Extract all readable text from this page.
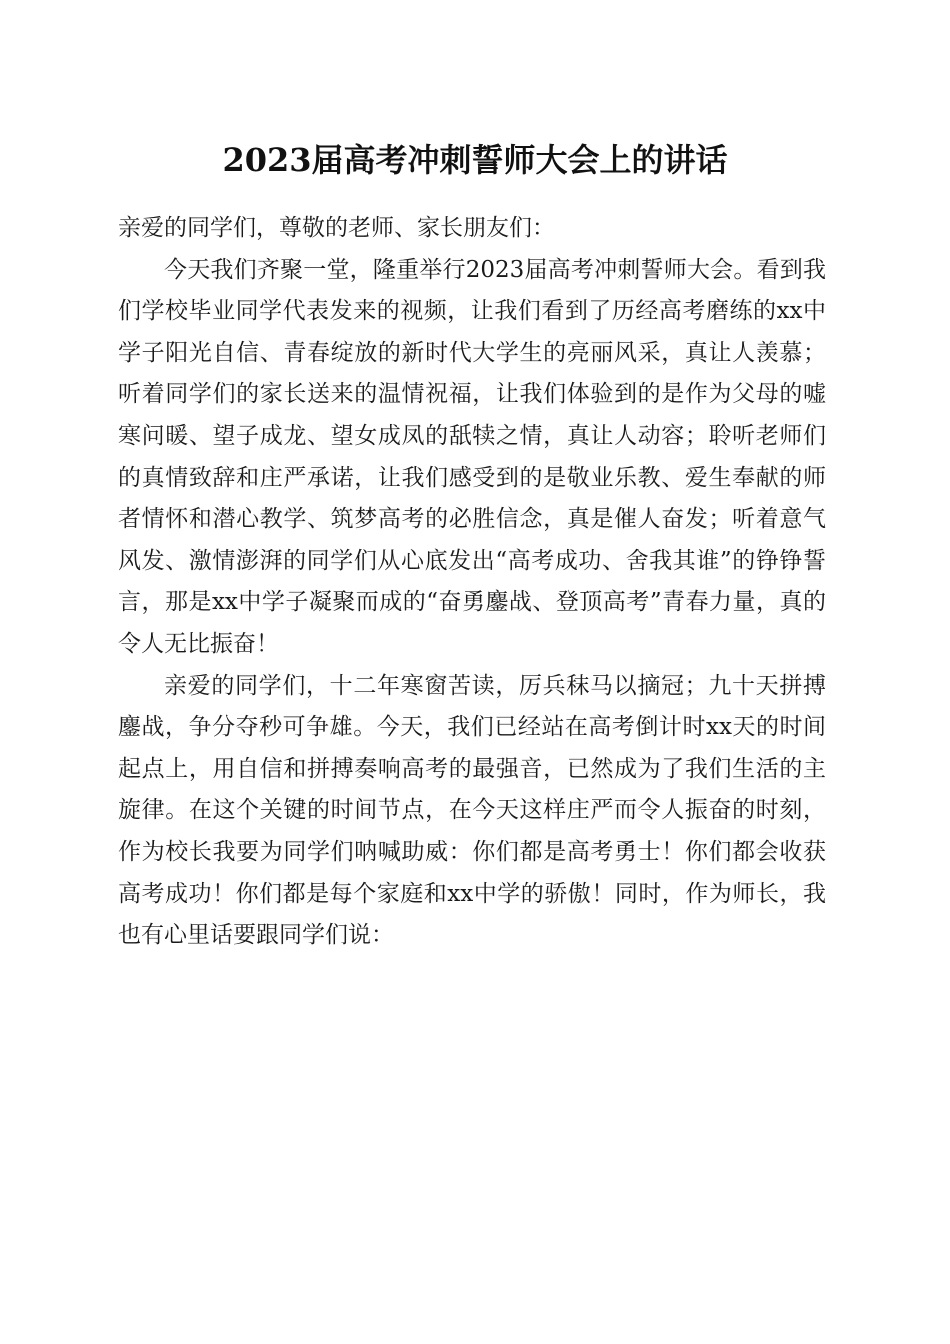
2023届高考冲刺誓师大会上的讲话

亲爱的同学们，尊敬的老师、家长朋友们：

今天我们齐聚一堂，隆重举行2023届高考冲刺誓师大会。看到我们学校毕业同学代表发来的视频，让我们看到了历经高考磨练的xx中学子阳光自信、青春绽放的新时代大学生的亮丽风采，真让人羡慕；听着同学们的家长送来的温情祝福，让我们体验到的是作为父母的嘘寒问暖、望子成龙、望女成凤的舐犊之情，真让人动容；聆听老师们的真情致辞和庄严承诺，让我们感受到的是敬业乐教、爱生奉献的师者情怀和潜心教学、筑梦高考的必胜信念，真是催人奋发；听着意气风发、激情澎湃的同学们从心底发出“高考成功、舍我其谁”的铮铮誓言，那是xx中学子凝聚而成的“奋勇鏖战、登顶高考”青春力量，真的令人无比振奋！

亲爱的同学们，十二年寒窗苦读，厉兵秣马以摘冠；九十天拼搏鏖战，争分夺秒可争雄。今天，我们已经站在高考倒计时xx天的时间起点上，用自信和拼搏奏响高考的最强音，已然成为了我们生活的主旋律。在这个关键的时间节点，在今天这样庄严而令人振奋的时刻，作为校长我要为同学们呐喊助威：你们都是高考勇士！你们都会收获高考成功！你们都是每个家庭和xx中学的骄傲！同时，作为师长，我也有心里话要跟同学们说：
